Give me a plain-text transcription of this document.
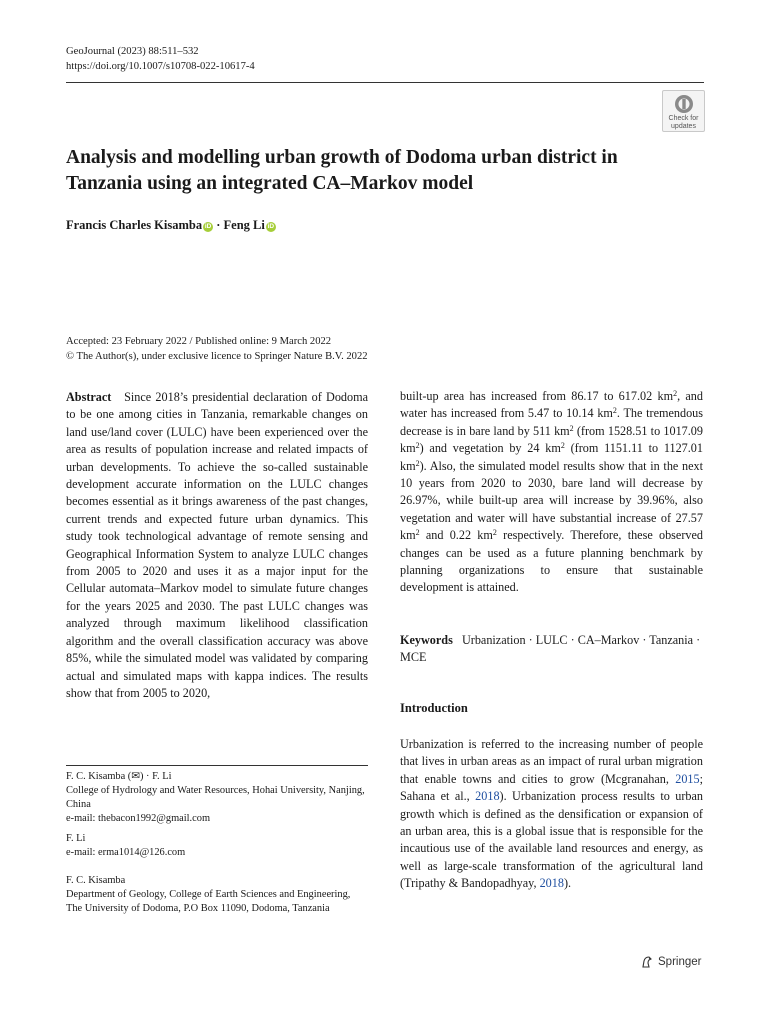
GeoJournal (2023) 88:511–532
https://doi.org/10.1007/s10708-022-10617-4
Check for updates
Analysis and modelling urban growth of Dodoma urban district in Tanzania using an integrated CA–Markov model
Francis Charles Kisamba iD · Feng Li iD
Accepted: 23 February 2022 / Published online: 9 March 2022
© The Author(s), under exclusive licence to Springer Nature B.V. 2022

Abstract Since 2018’s presidential declaration of Dodoma to be one among cities in Tanzania, remarkable changes on land use/land cover (LULC) have been experienced over the area as results of population increase and related impacts of urban developments. To achieve the so-called sustainable development accurate information on the LULC changes becomes essential as it brings awareness of the past changes, current trends and expected future urban dynamics. This study took technological advantage of remote sensing and Geographical Information System to analyze LULC changes from 2005 to 2020 and uses it as a major input for the Cellular automata–Markov model to simulate future changes for the years 2025 and 2030. The past LULC changes was analyzed through maximum likelihood classification algorithm and the overall classification accuracy was above 85%, while the simulated model was validated by comparing actual and simulated maps with kappa indices. The results show that from 2005 to 2020,

F. C. Kisamba (✉) · F. Li
College of Hydrology and Water Resources, Hohai University, Nanjing, China
e-mail: thebacon1992@gmail.com
F. Li
e-mail: erma1014@126.com
F. C. Kisamba
Department of Geology, College of Earth Sciences and Engineering, The University of Dodoma, P.O Box 11090, Dodoma, Tanzania

built-up area has increased from 86.17 to 617.02 $km^2$, and water has increased from 5.47 to 10.14 $km^2$. The tremendous decrease is in bare land by 511 $km^2$ (from 1528.51 to 1017.09 $km^2$) and vegetation by 24 $km^2$ (from 1151.11 to 1127.01 $km^2$). Also, the simulated model results show that in the next 10 years from 2020 to 2030, bare land will decrease by 26.97%, while built-up area will increase by 39.96%, also vegetation and water will have substantial increase of 27.57 $km^2$ and 0.22 $km^2$ respectively. Therefore, these observed changes can be used as a future planning benchmark by planning organizations to ensure that sustainable development is attained.

Keywords Urbanization · LULC · CA–Markov · Tanzania · MCE

Introduction

Urbanization is referred to the increasing number of people that lives in urban areas as an impact of rural urban migration that enable towns and cities to grow (Mcgranahan, 2015; Sahana et al., 2018). Urbanization process results to urban growth which is defined as the densification or expansion of an urban area, this is a global issue that is responsible for the incautious use of the available land resources and energy, as well as large-scale transformation of the agricultural land (Tripathy & Bandopadhyay, 2018).

Springer
